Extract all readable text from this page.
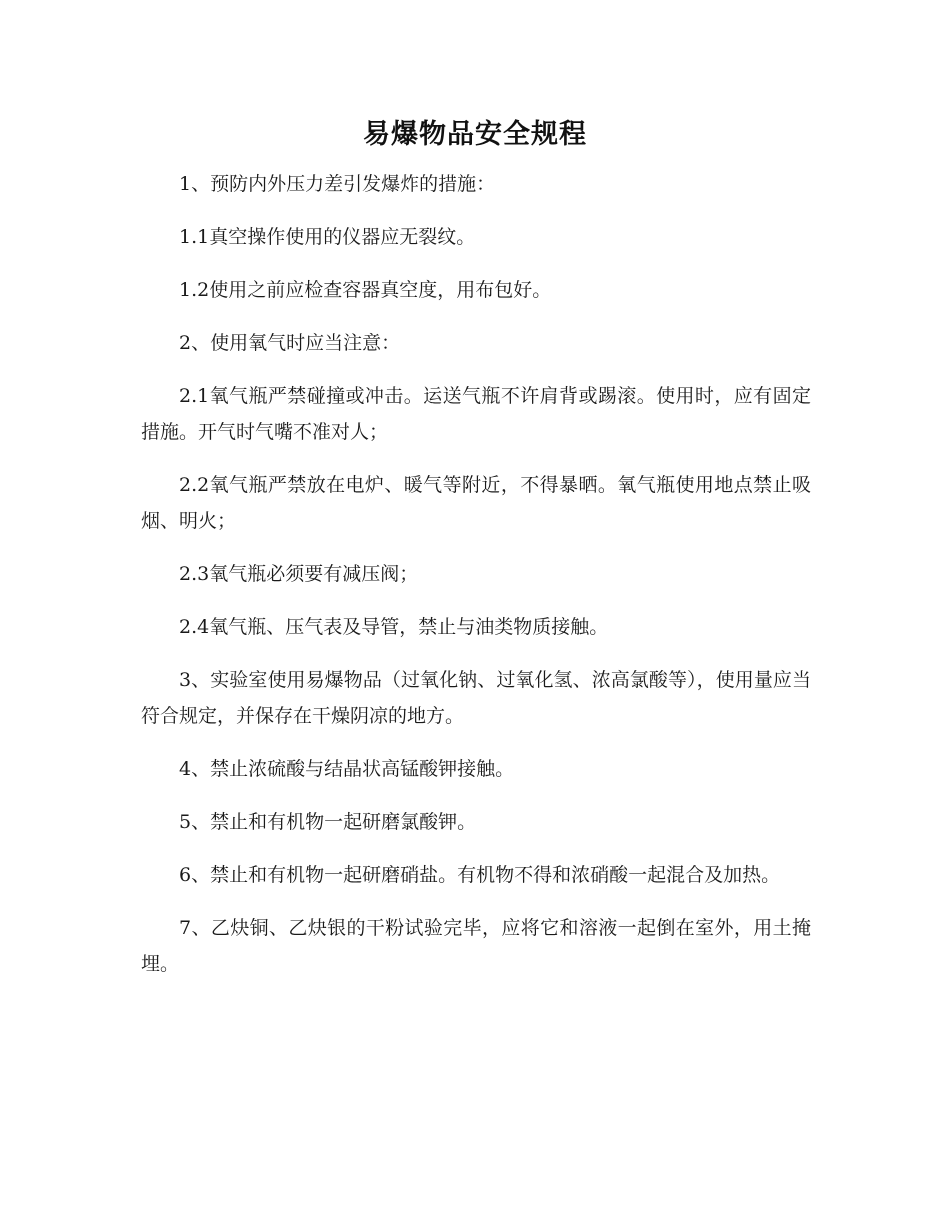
易爆物品安全规程

1、预防内外压力差引发爆炸的措施：

1.1真空操作使用的仪器应无裂纹。

1.2使用之前应检查容器真空度，用布包好。

2、使用氧气时应当注意：

2.1氧气瓶严禁碰撞或冲击。运送气瓶不许肩背或踢滚。使用时，应有固定措施。开气时气嘴不准对人；

2.2氧气瓶严禁放在电炉、暖气等附近，不得暴晒。氧气瓶使用地点禁止吸烟、明火；

2.3氧气瓶必须要有减压阀；

2.4氧气瓶、压气表及导管，禁止与油类物质接触。

3、实验室使用易爆物品（过氧化钠、过氧化氢、浓高氯酸等），使用量应当符合规定，并保存在干燥阴凉的地方。

4、禁止浓硫酸与结晶状高锰酸钾接触。

5、禁止和有机物一起研磨氯酸钾。

6、禁止和有机物一起研磨硝盐。有机物不得和浓硝酸一起混合及加热。

7、乙炔铜、乙炔银的干粉试验完毕，应将它和溶液一起倒在室外，用土掩埋。
